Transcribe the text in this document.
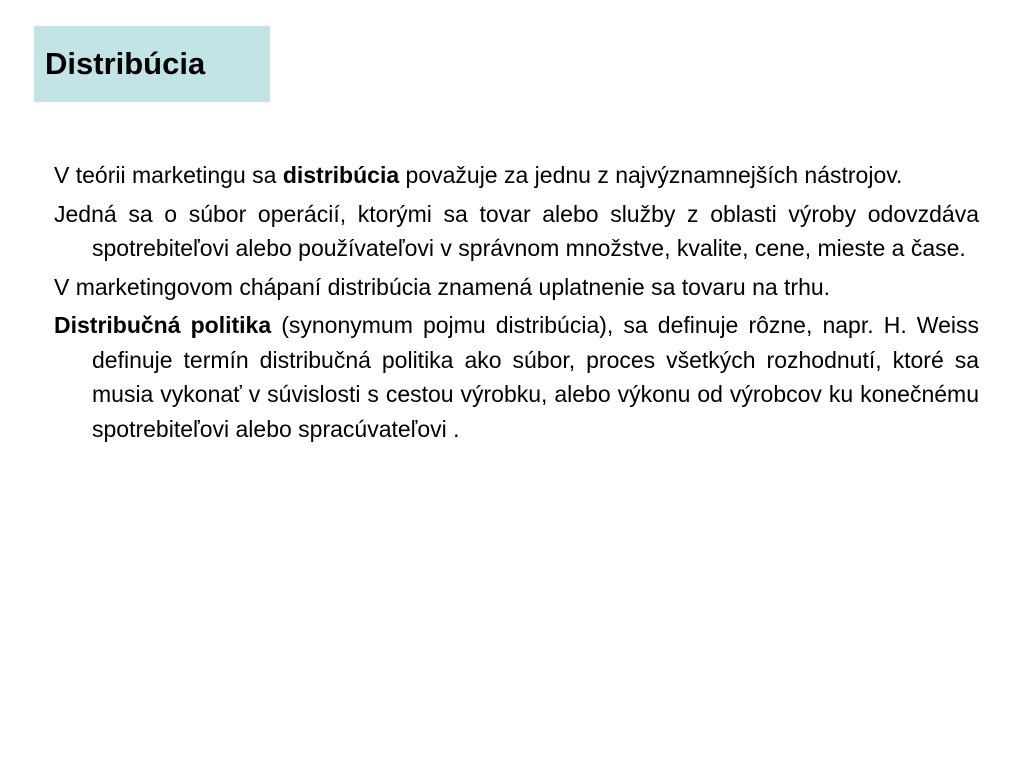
Distribúcia

V teórii marketingu sa distribúcia považuje za jednu z najvýznamnejších nástrojov.

Jedná sa o súbor operácií, ktorými sa tovar alebo služby z oblasti výroby odovzdáva spotrebiteľovi alebo používateľovi v správnom množstve, kvalite, cene, mieste a čase.

V marketingovom chápaní distribúcia znamená uplatnenie sa tovaru na trhu.

Distribučná politika (synonymum pojmu distribúcia), sa definuje rôzne, napr. H. Weiss definuje termín distribučná politika ako súbor, proces všetkých rozhodnutí, ktoré sa musia vykonať v súvislosti s cestou výrobku, alebo výkonu od výrobcov ku konečnému spotrebiteľovi alebo spracúvateľovi .
